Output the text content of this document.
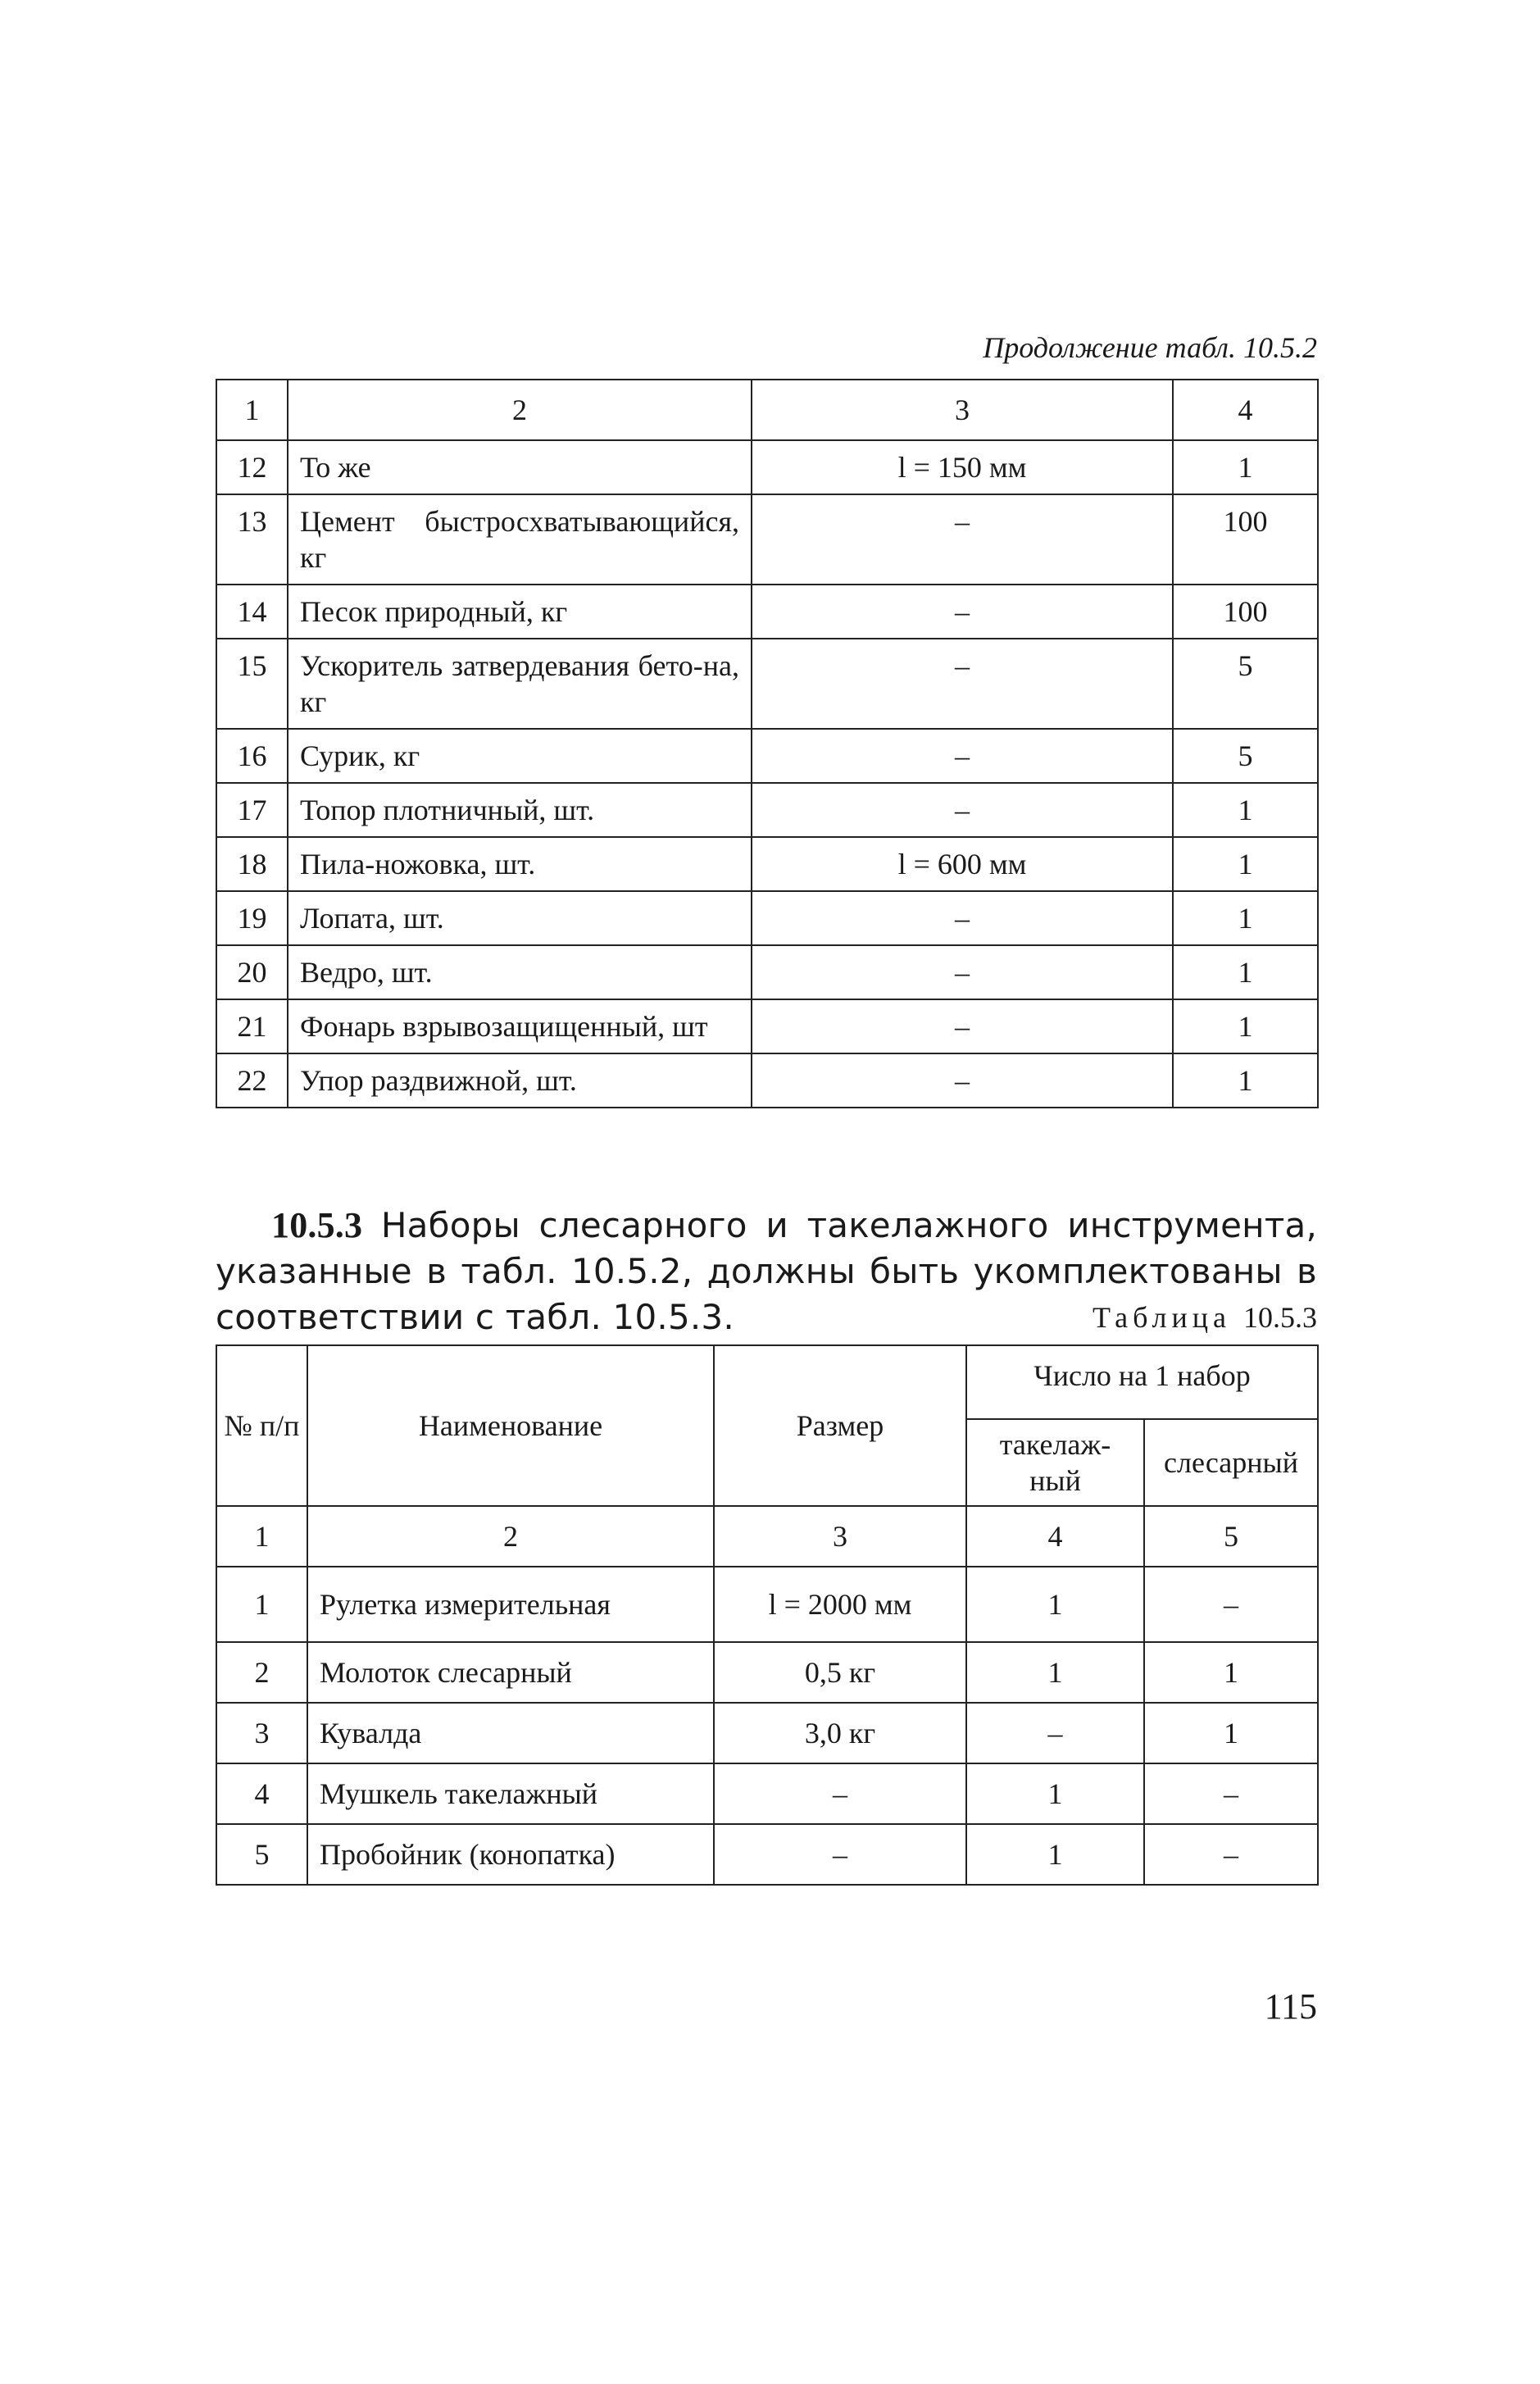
Продолжение табл. 10.5.2
1	2	3	4
12	То же	l = 150 мм	1
13	Цемент быстросхватывающийся, кг	–	100
14	Песок природный, кг	–	100
15	Ускоритель затвердевания бето-на, кг	–	5
16	Сурик, кг	–	5
17	Топор плотничный, шт.	–	1
18	Пила-ножовка, шт.	l = 600 мм	1
19	Лопата, шт.	–	1
20	Ведро, шт.	–	1
21	Фонарь взрывозащищенный, шт	–	1
22	Упор раздвижной, шт.	–	1

10.5.3 Наборы слесарного и такелажного инструмента, указанные в табл. 10.5.2, должны быть укомплектованы в соответствии с табл. 10.5.3.	Таблица 10.5.3
№ п/п	Наименование	Размер	Число на 1 набор	
			такелаж-ный	слесарный
1	2	3	4	5
1	Рулетка измерительная	l = 2000 мм	1	–
2	Молоток слесарный	0,5 кг	1	1
3	Кувалда	3,0 кг	–	1
4	Мушкель такелажный	–	1	–
5	Пробойник (конопатка)	–	1	–
115
